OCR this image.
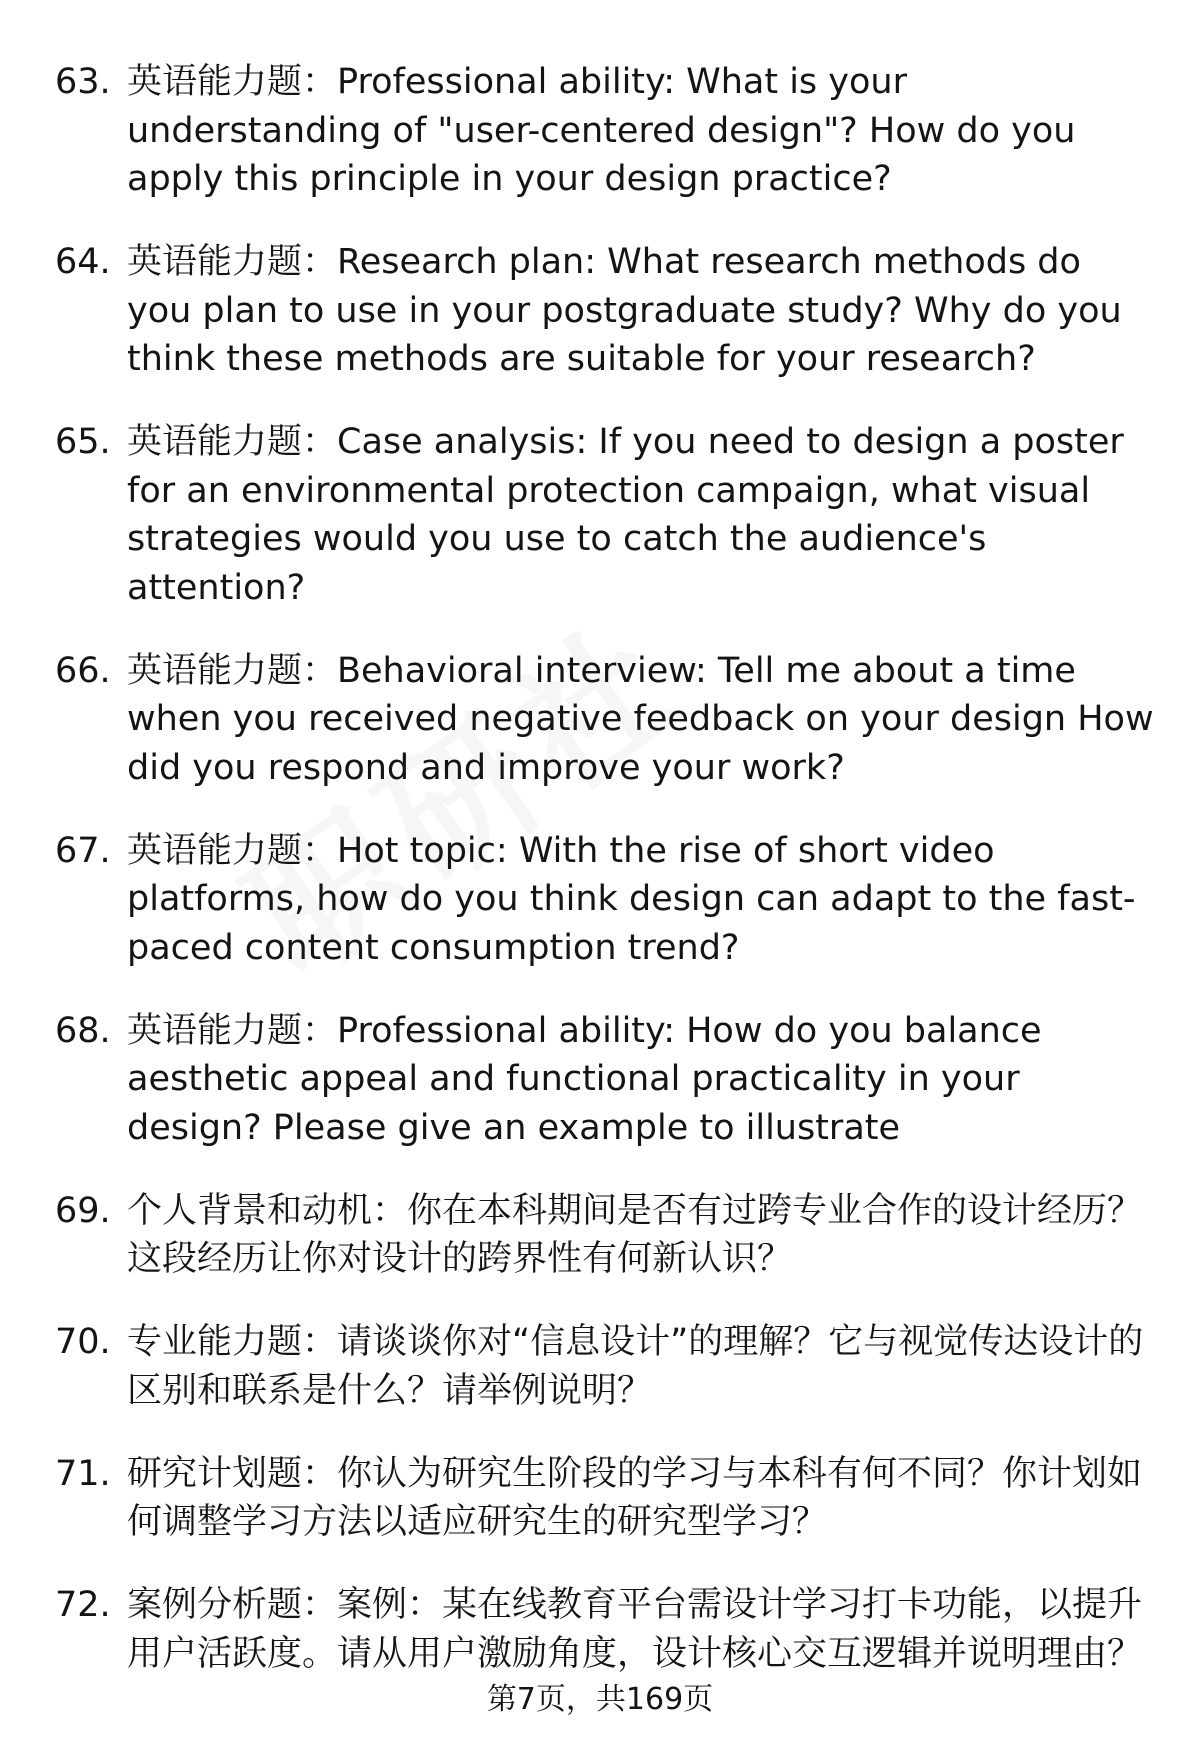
63. 英语能力题：Professional ability: What is your understanding of "user-centered design"? How do you apply this principle in your design practice?
64. 英语能力题：Research plan: What research methods do you plan to use in your postgraduate study? Why do you think these methods are suitable for your research?
65. 英语能力题：Case analysis: If you need to design a poster for an environmental protection campaign, what visual strategies would you use to catch the audience's attention?
66. 英语能力题：Behavioral interview: Tell me about a time when you received negative feedback on your design How did you respond and improve your work?
67. 英语能力题：Hot topic: With the rise of short video platforms, how do you think design can adapt to the fast-paced content consumption trend?
68. 英语能力题：Professional ability: How do you balance aesthetic appeal and functional practicality in your design? Please give an example to illustrate
69. 个人背景和动机：你在本科期间是否有过跨专业合作的设计经历？这段经历让你对设计的跨界性有何新认识？
70. 专业能力题：请谈谈你对“信息设计”的理解？它与视觉传达设计的区别和联系是什么？请举例说明？
71. 研究计划题：你认为研究生阶段的学习与本科有何不同？你计划如何调整学习方法以适应研究生的研究型学习？
72. 案例分析题：案例：某在线教育平台需设计学习打卡功能，以提升用户活跃度。请从用户激励角度，设计核心交互逻辑并说明理由？
第7页，共169页
